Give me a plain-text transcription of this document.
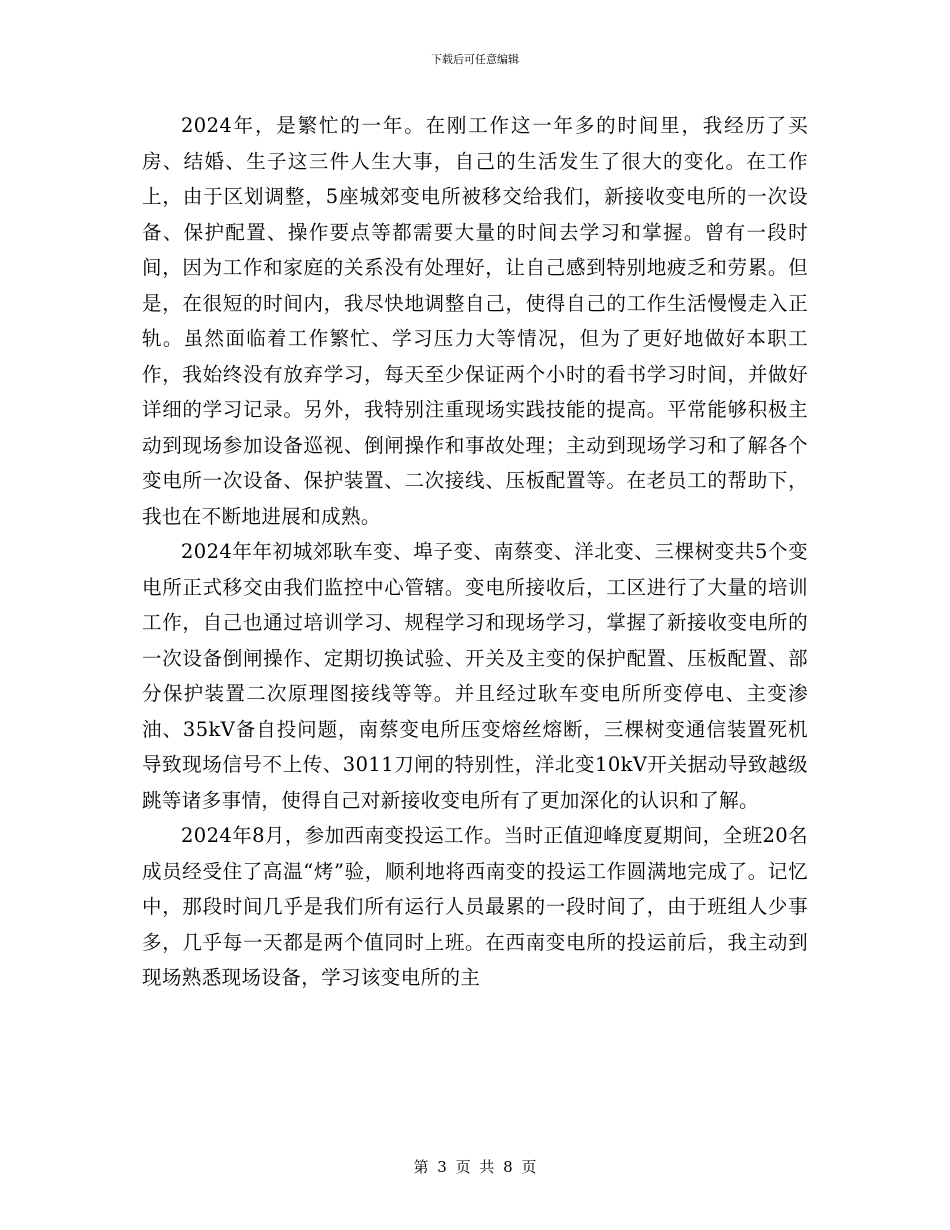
下载后可任意编辑

2024年，是繁忙的一年。在刚工作这一年多的时间里，我经历了买房、结婚、生子这三件人生大事，自己的生活发生了很大的变化。在工作上，由于区划调整，5座城郊变电所被移交给我们，新接收变电所的一次设备、保护配置、操作要点等都需要大量的时间去学习和掌握。曾有一段时间，因为工作和家庭的关系没有处理好，让自己感到特别地疲乏和劳累。但是，在很短的时间内，我尽快地调整自己，使得自己的工作生活慢慢走入正轨。虽然面临着工作繁忙、学习压力大等情况，但为了更好地做好本职工作，我始终没有放弃学习，每天至少保证两个小时的看书学习时间，并做好详细的学习记录。另外，我特别注重现场实践技能的提高。平常能够积极主动到现场参加设备巡视、倒闸操作和事故处理；主动到现场学习和了解各个变电所一次设备、保护装置、二次接线、压板配置等。在老员工的帮助下，我也在不断地进展和成熟。

2024年年初城郊耿车变、埠子变、南蔡变、洋北变、三棵树变共5个变电所正式移交由我们监控中心管辖。变电所接收后，工区进行了大量的培训工作，自己也通过培训学习、规程学习和现场学习，掌握了新接收变电所的一次设备倒闸操作、定期切换试验、开关及主变的保护配置、压板配置、部分保护装置二次原理图接线等等。并且经过耿车变电所所变停电、主变渗油、35kV备自投问题，南蔡变电所压变熔丝熔断，三棵树变通信装置死机导致现场信号不上传、3011刀闸的特别性，洋北变10kV开关据动导致越级跳等诸多事情，使得自己对新接收变电所有了更加深化的认识和了解。

2024年8月，参加西南变投运工作。当时正值迎峰度夏期间，全班20名成员经受住了高温“烤”验，顺利地将西南变的投运工作圆满地完成了。记忆中，那段时间几乎是我们所有运行人员最累的一段时间了，由于班组人少事多，几乎每一天都是两个值同时上班。在西南变电所的投运前后，我主动到现场熟悉现场设备，学习该变电所的主

第 3 页 共 8 页
